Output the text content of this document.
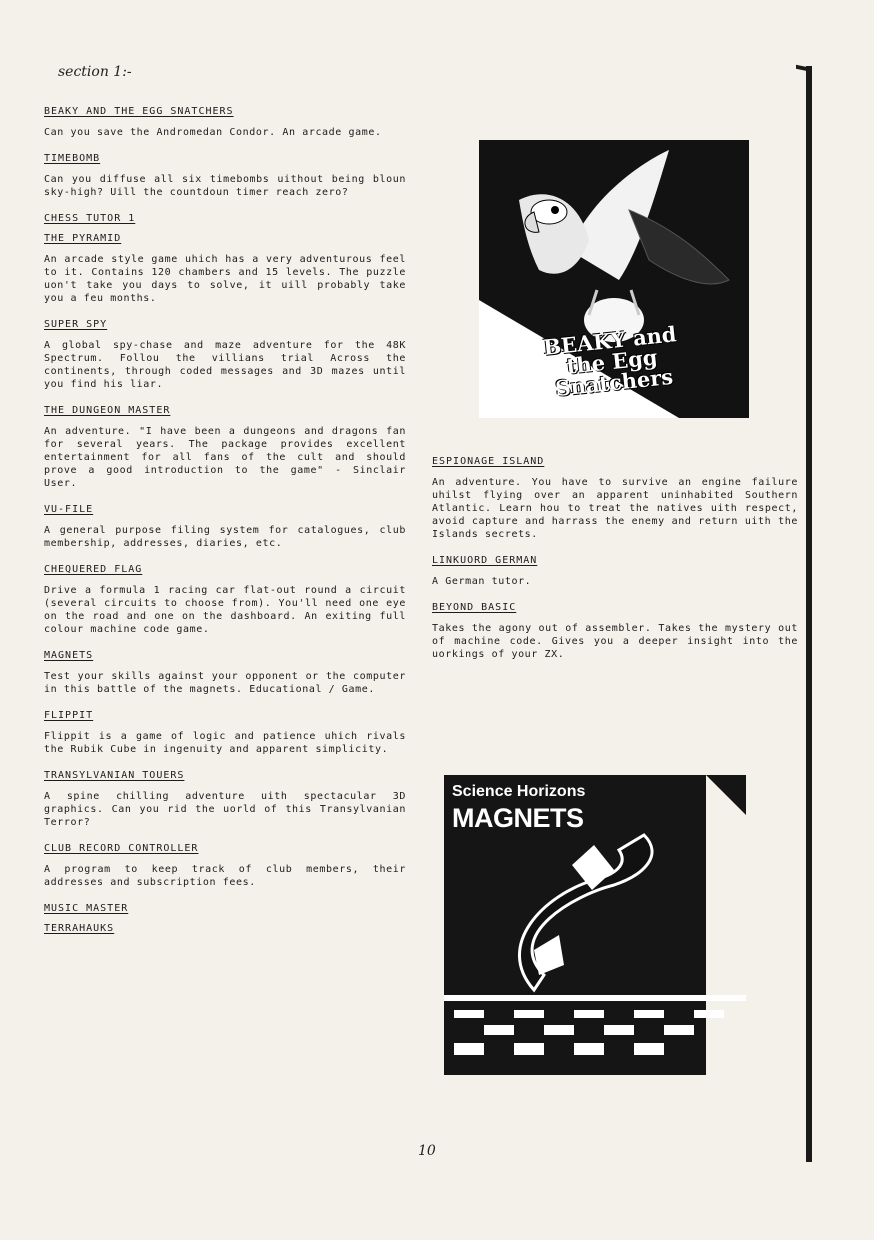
section 1:-
BEAKY AND THE EGG SNATCHERS

Can you save the Andromedan Condor. An arcade game.

TIMEBOMB

Can you diffuse all six timebombs uithout being bloun sky-high? Uill the countdoun timer reach zero?

CHESS TUTOR 1
THE PYRAMID

An arcade style game uhich has a very adventurous feel to it. Contains 120 chambers and 15 levels. The puzzle uon't take you days to solve, it uill probably take you a feu months.

SUPER SPY

A global spy-chase and maze adventure for the 48K Spectrum. Follou the villians trial Across the continents, through coded messages and 3D mazes until you find his liar.

THE DUNGEON MASTER

An adventure. "I have been a dungeons and dragons fan for several years. The package provides excellent entertainment for all fans of the cult and should prove a good introduction to the game" - Sinclair User.

VU-FILE

A general purpose filing system for catalogues, club membership, addresses, diaries, etc.

CHEQUERED FLAG

Drive a formula 1 racing car flat-out round a circuit (several circuits to choose from). You'll need one eye on the road and one on the dashboard. An exiting full colour machine code game.

MAGNETS

Test your skills against your opponent or the computer in this battle of the magnets. Educational / Game.

FLIPPIT

Flippit is a game of logic and patience uhich rivals the Rubik Cube in ingenuity and apparent simplicity.

TRANSYLVANIAN TOUERS

A spine chilling adventure uith spectacular 3D graphics. Can you rid the uorld of this Transylvanian Terror?

CLUB RECORD CONTROLLER

A program to keep track of club members, their addresses and subscription fees.

MUSIC MASTER
TERRAHAUKS
ESPIONAGE ISLAND

An adventure. You have to survive an engine failure uhilst flying over an apparent uninhabited Southern Atlantic. Learn hou to treat the natives uith respect, avoid capture and harrass the enemy and return uith the Islands secrets.

LINKUORD GERMAN

A German tutor.

BEYOND BASIC

Takes the agony out of assembler. Takes the mystery out of machine code. Gives you a deeper insight into the uorkings of your ZX.

BEAKY and the Egg Snatchers
Science Horizons
MAGNETS
10
